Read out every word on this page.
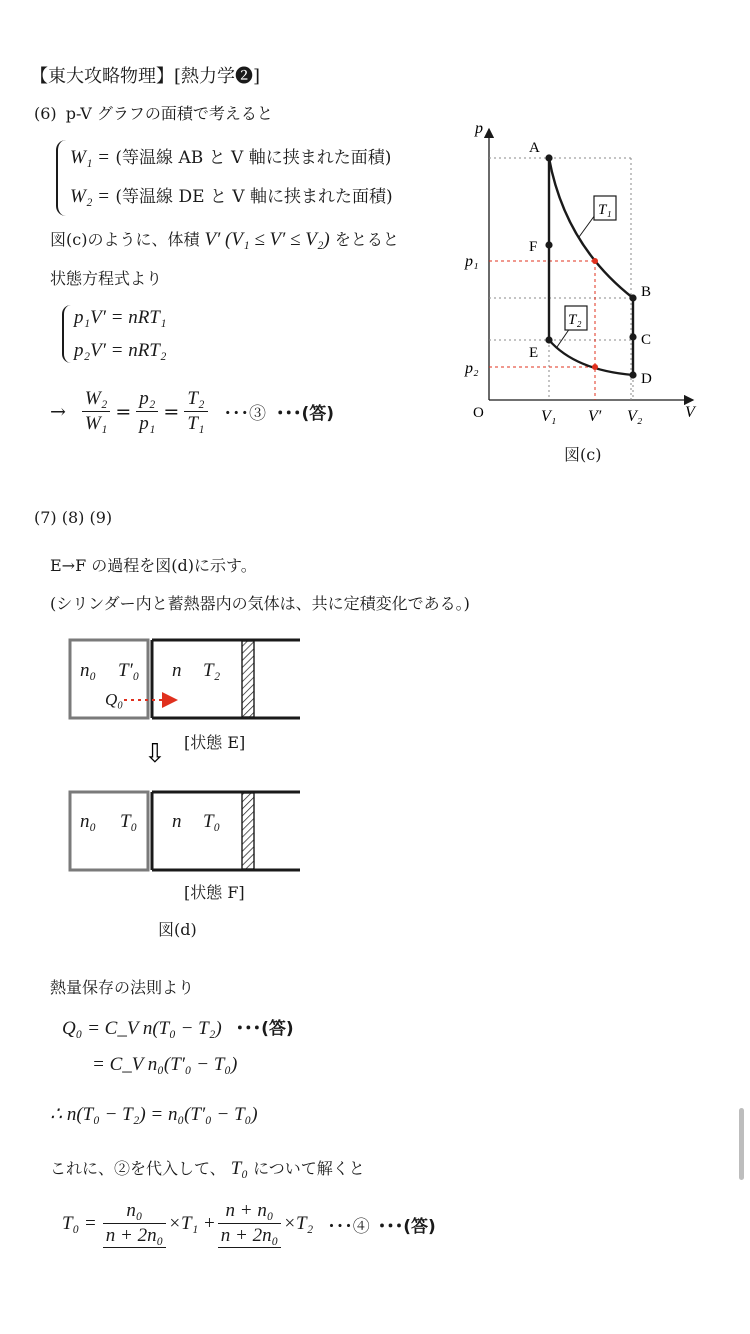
【東大攻略物理】[熱力学❷]
(6) p-V グラフの面積で考えると
W₁ = (等温線 AB と V 軸に挟まれた面積)
W₂ = (等温線 DE と V 軸に挟まれた面積)
図(c)のように、体積 V′ (V₁ ≤ V′ ≤ V₂) をとると
状態方程式より
p₁V′ = nRT₁
p₂V′ = nRT₂
→ $\frac{\text{W₂}}{\text{W₁}} = \frac{\text{p₂}}{\text{p₁}} = \frac{\text{T₂}}{\text{T₁}}$ ･･･③ ･･･(答)
p
V
O
A
F
E
B
C
D
T₁
T₂
p₁
p₂
V₁ V′ V₂
図(c)
(7) (8) (9)
E→F の過程を図(d)に示す。
(シリンダー内と蓄熱器内の気体は、共に定積変化である。)
⇩
n₀ T′₀
Q₀
n T₂
[状態 E]
n₀ T₀ n T₀
[状態 F]
図(d)
熱量保存の法則より
Q₀ = C_V n(T₀ − T₂) ･･･(答)
= C_V n₀(T′₀ − T₀)
∴ n(T₀ − T₂) = n₀(T′₀ − T₀)
これに、②を代入して、 T₀ について解くと
$T_0 = \frac{\text{n₀}}{\text{n + 2n₀}} \times T_1 + \frac{\text{n + n₀}}{\text{n + 2n₀}} \times T_2$ ･･･④ ･･･(答)
